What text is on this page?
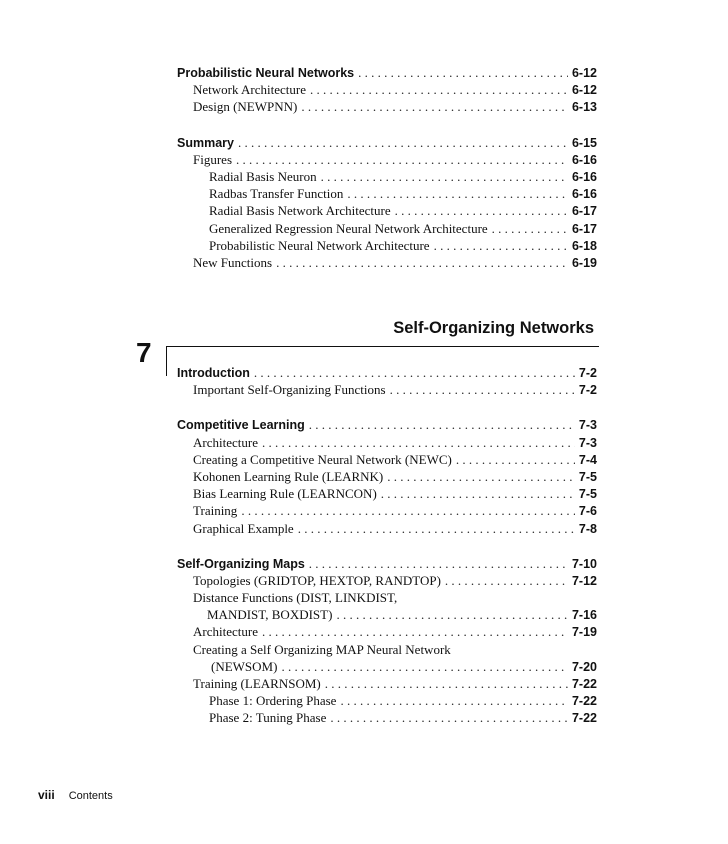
Probabilistic Neural Networks . . .	6-12
Network Architecture . . .	6-12
Design (NEWPNN) . . .	6-13
Summary . . .	6-15
Figures . . .	6-16
Radial Basis Neuron . . .	6-16
Radbas Transfer Function . . .	6-16
Radial Basis Network Architecture . . .	6-17
Generalized Regression Neural Network Architecture . . .	6-17
Probabilistic Neural Network Architecture . . .	6-18
New Functions . . .	6-19
Self-Organizing Networks
7
Introduction . . .	7-2
Important Self-Organizing Functions . . .	7-2
Competitive Learning . . .	7-3
Architecture . . .	7-3
Creating a Competitive Neural Network (NEWC) . . .	7-4
Kohonen Learning Rule (LEARNK) . . .	7-5
Bias Learning Rule (LEARNCON) . . .	7-5
Training . . .	7-6
Graphical Example . . .	7-8
Self-Organizing Maps . . .	7-10
Topologies (GRIDTOP, HEXTOP, RANDTOP) . . .	7-12
Distance Functions (DIST, LINKDIST,
MANDIST, BOXDIST) . . .	7-16
Architecture . . .	7-19
Creating a Self Organizing MAP Neural Network
(NEWSOM) . . .	7-20
Training (LEARNSOM) . . .	7-22
Phase 1: Ordering Phase . . .	7-22
Phase 2: Tuning Phase . . .	7-22
viii Contents
